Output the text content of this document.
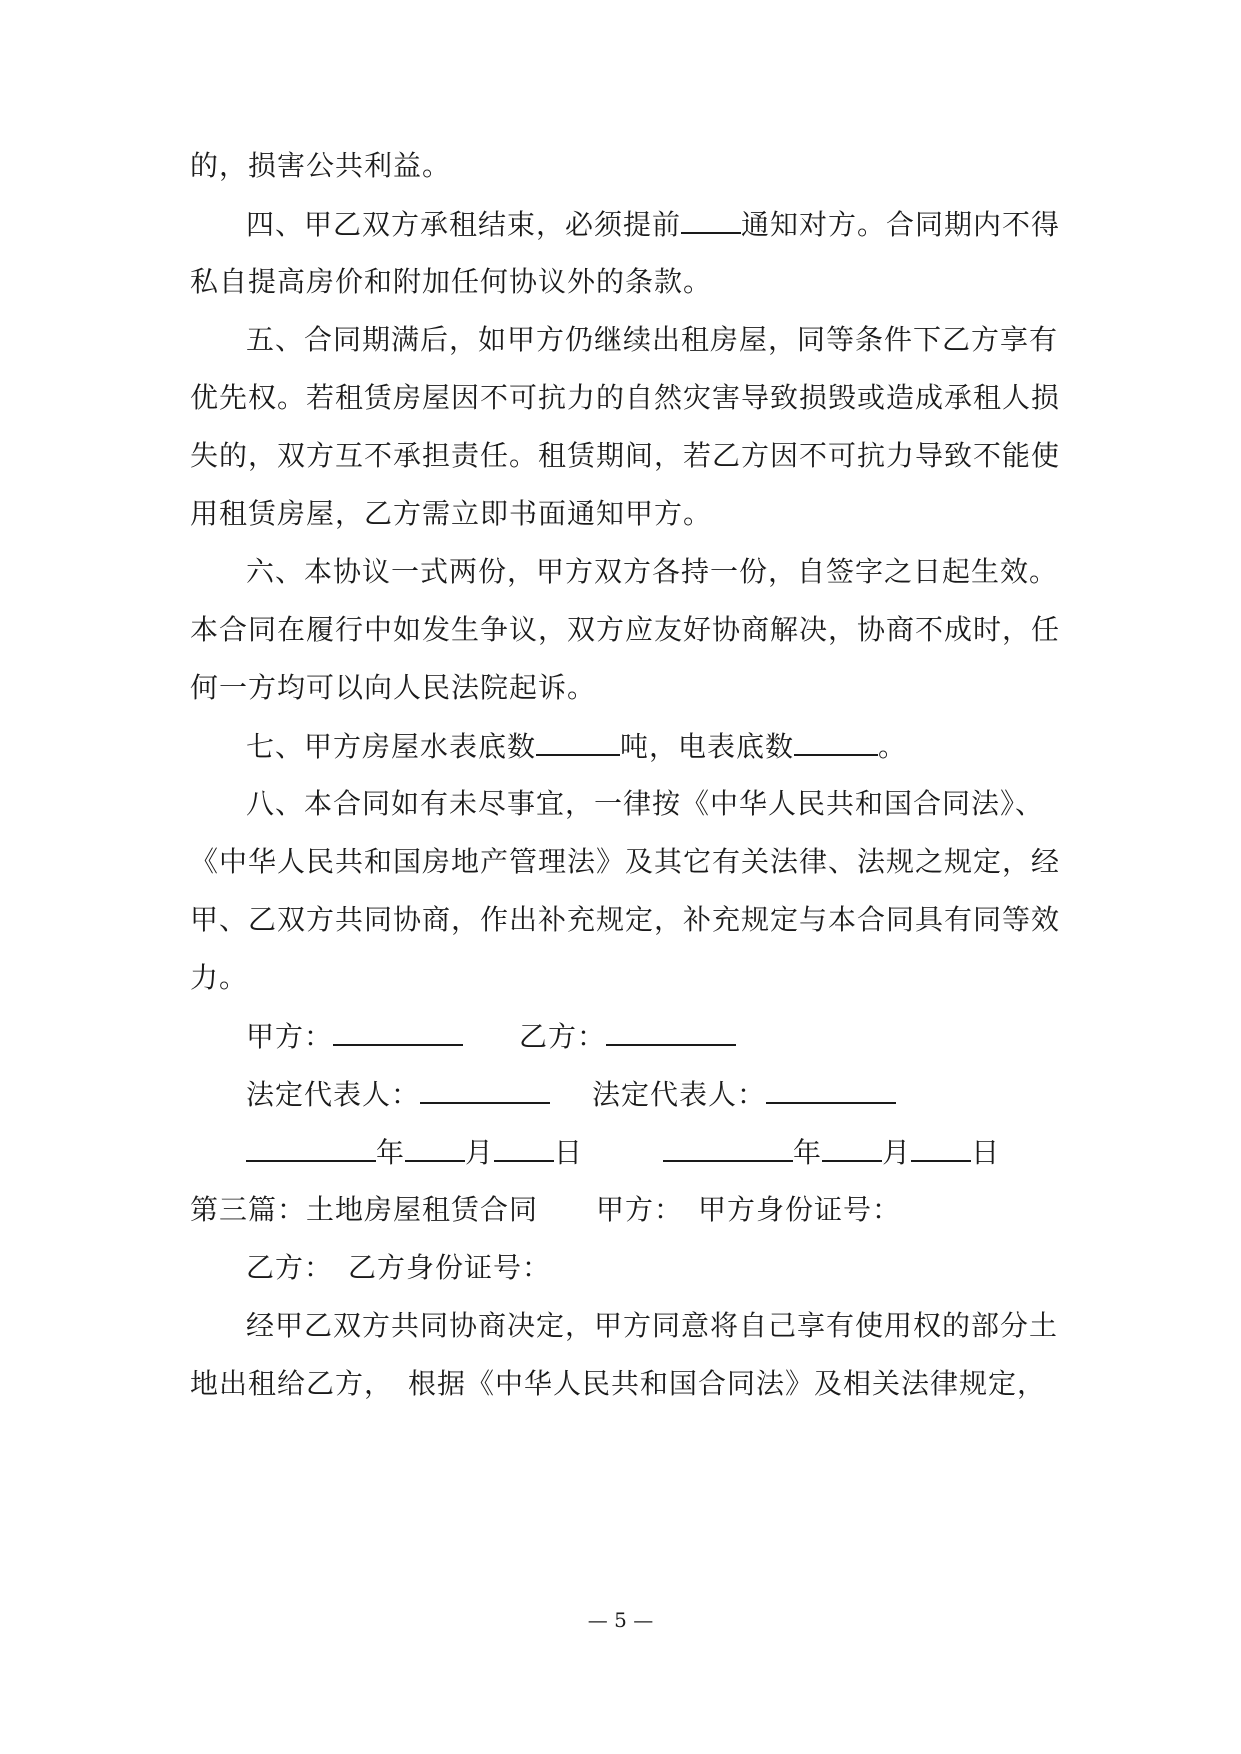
的，损害公共利益。
四、甲乙双方承租结束，必须提前 通知对方。合同期内不得
私自提高房价和附加任何协议外的条款。
五、合同期满后，如甲方仍继续出租房屋，同等条件下乙方享有
优先权。若租赁房屋因不可抗力的自然灾害导致损毁或造成承租人损
失的，双方互不承担责任。租赁期间，若乙方因不可抗力导致不能使
用租赁房屋，乙方需立即书面通知甲方。
六、本协议一式两份，甲方双方各持一份，自签字之日起生效。
本合同在履行中如发生争议，双方应友好协商解决，协商不成时，任
何一方均可以向人民法院起诉。
七、甲方房屋水表底数	吨，电表底数	。
八、本合同如有未尽事宜，一律按《中华人民共和国合同法》、
《中华人民共和国房地产管理法》及其它有关法律、法规之规定，经
甲、乙双方共同协商，作出补充规定，补充规定与本合同具有同等效
力。
甲方：	乙方：
法定代表人：	法定代表人：
年 月 日	年 月 日
第三篇：土地房屋租赁合同　　甲方：　甲方身份证号：
乙方：　乙方身份证号：
经甲乙双方共同协商决定，甲方同意将自己享有使用权的部分土
地出租给乙方，　根据《中华人民共和国合同法》及相关法律规定，
— 5 —
